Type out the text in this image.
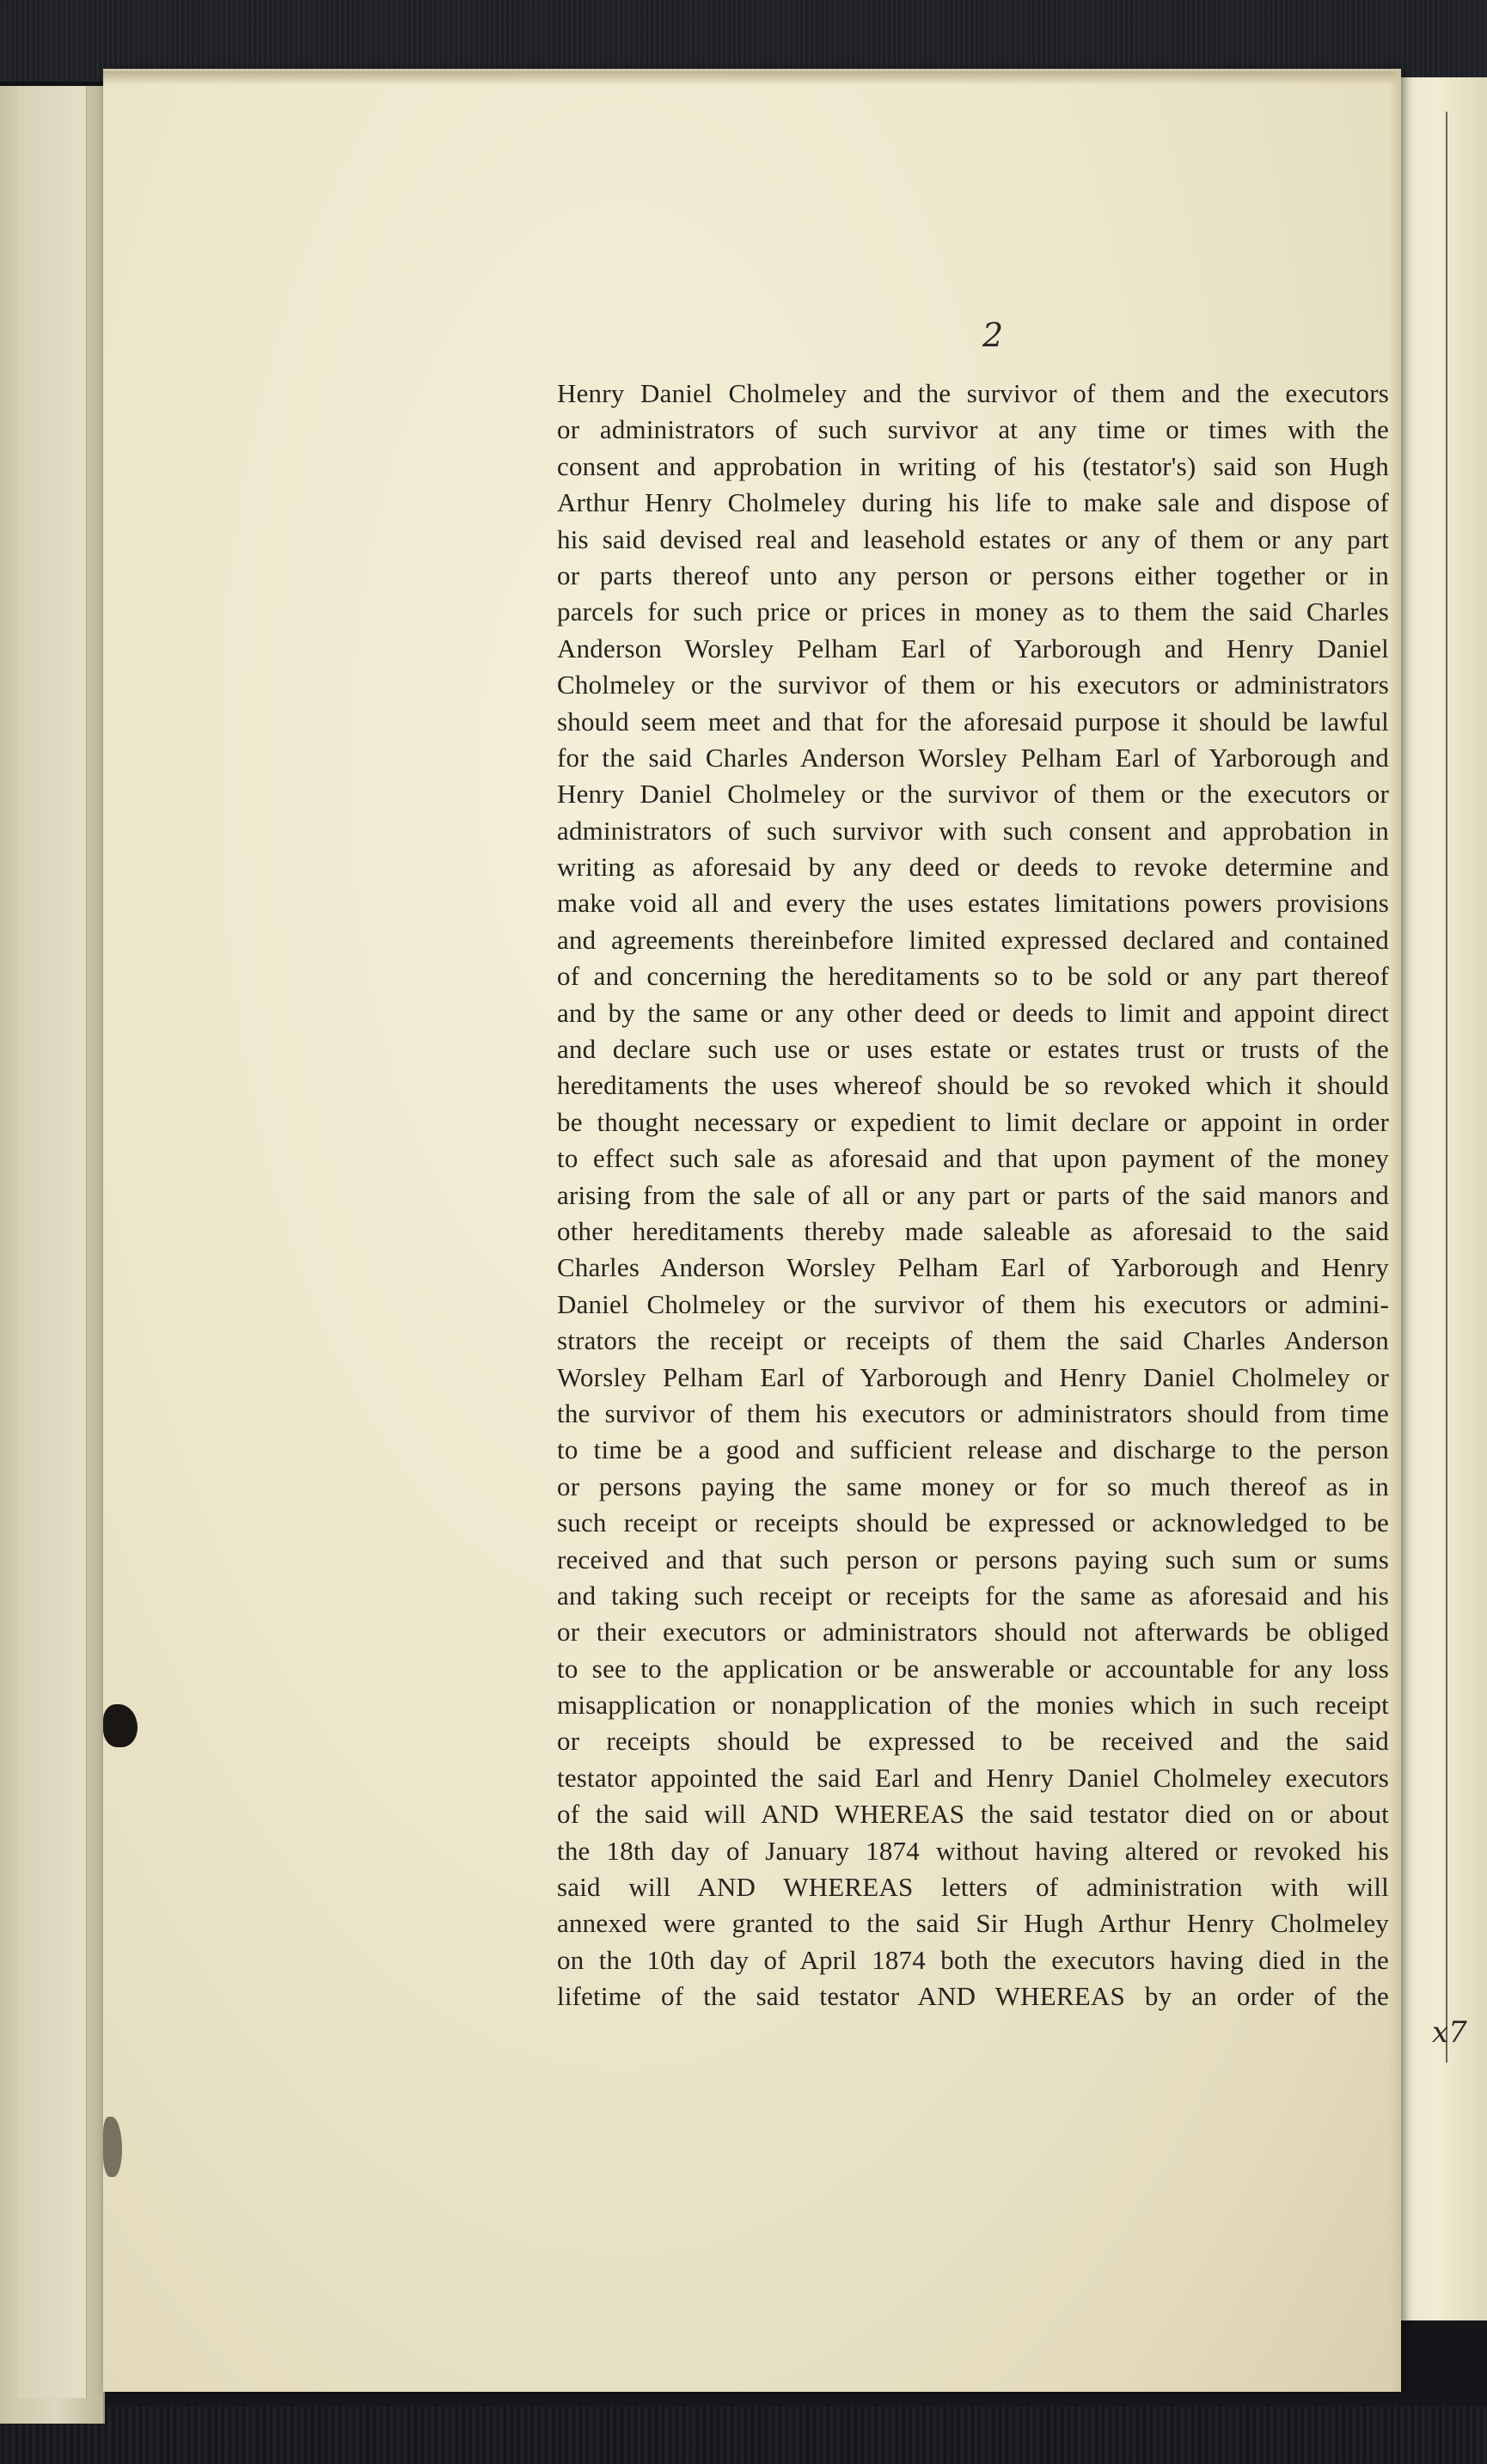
x7
2
Henry Daniel Cholmeley and the survivor of them and the executors
or administrators of such survivor at any time or times with the
consent and approbation in writing of his (testator's) said son Hugh
Arthur Henry Cholmeley during his life to make sale and dispose of
his said devised real and leasehold estates or any of them or any part
or parts thereof unto any person or persons either together or in
parcels for such price or prices in money as to them the said Charles
Anderson Worsley Pelham Earl of Yarborough and Henry Daniel
Cholmeley or the survivor of them or his executors or administrators
should seem meet and that for the aforesaid purpose it should be lawful
for the said Charles Anderson Worsley Pelham Earl of Yarborough and
Henry Daniel Cholmeley or the survivor of them or the executors or
administrators of such survivor with such consent and approbation in
writing as aforesaid by any deed or deeds to revoke determine and
make void all and every the uses estates limitations powers provisions
and agreements thereinbefore limited expressed declared and contained
of and concerning the hereditaments so to be sold or any part thereof
and by the same or any other deed or deeds to limit and appoint direct
and declare such use or uses estate or estates trust or trusts of the
hereditaments the uses whereof should be so revoked which it should
be thought necessary or expedient to limit declare or appoint in order
to effect such sale as aforesaid and that upon payment of the money
arising from the sale of all or any part or parts of the said manors and
other hereditaments thereby made saleable as aforesaid to the said
Charles Anderson Worsley Pelham Earl of Yarborough and Henry
Daniel Cholmeley or the survivor of them his executors or admini-
strators the receipt or receipts of them the said Charles Anderson
Worsley Pelham Earl of Yarborough and Henry Daniel Cholmeley or
the survivor of them his executors or administrators should from time
to time be a good and sufficient release and discharge to the person
or persons paying the same money or for so much thereof as in
such receipt or receipts should be expressed or acknowledged to be
received and that such person or persons paying such sum or sums
and taking such receipt or receipts for the same as aforesaid and his
or their executors or administrators should not afterwards be obliged
to see to the application or be answerable or accountable for any loss
misapplication or nonapplication of the monies which in such receipt
or receipts should be expressed to be received and the said
testator appointed the said Earl and Henry Daniel Cholmeley executors
of the said will AND WHEREAS the said testator died on or about
the 18th day of January 1874 without having altered or revoked his
said will AND WHEREAS letters of administration with will
annexed were granted to the said Sir Hugh Arthur Henry Cholmeley
on the 10th day of April 1874 both the executors having died in the
lifetime of the said testator AND WHEREAS by an order of the
